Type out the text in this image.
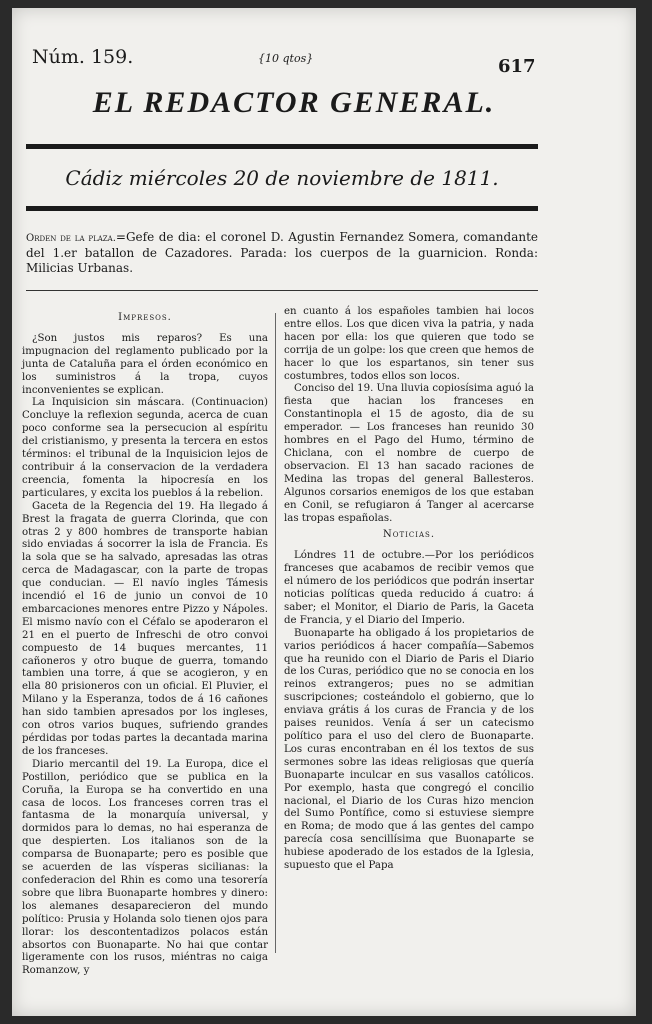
Núm. 159.	{10 qtos}	617
EL REDACTOR GENERAL.
Cádiz miércoles 20 de noviembre de 1811.
Orden de la plaza.=Gefe de dia: el coronel D. Agustin Fernandez Somera, comandante del 1.er batallon de Cazadores. Parada: los cuerpos de la guarnicion. Ronda: Milicias Urbanas.
Impresos.

¿Son justos mis reparos? Es una impugnacion del reglamento publicado por la junta de Cataluña para el órden económico en los suministros á la tropa, cuyos inconvenientes se explican.

La Inquisicion sin máscara. (Continuacion) Concluye la reflexion segunda, acerca de cuan poco conforme sea la persecucion al espíritu del cristianismo, y presenta la tercera en estos términos: el tribunal de la Inquisicion lejos de contribuir á la conservacion de la verdadera creencia, fomenta la hipocresía en los particulares, y excita los pueblos á la rebelion.

Gaceta de la Regencia del 19. Ha llegado á Brest la fragata de guerra Clorinda, que con otras 2 y 800 hombres de transporte habian sido enviadas á socorrer la isla de Francia. Es la sola que se ha salvado, apresadas las otras cerca de Madagascar, con la parte de tropas que conducian. — El navío ingles Támesis incendió el 16 de junio un convoi de 10 embarcaciones menores entre Pizzo y Nápoles. El mismo navío con el Céfalo se apoderaron el 21 en el puerto de Infreschi de otro convoi compuesto de 14 buques mercantes, 11 cañoneros y otro buque de guerra, tomando tambien una torre, á que se acogieron, y en ella 80 prisioneros con un oficial. El Pluvier, el Milano y la Esperanza, todos de á 16 cañones han sido tambien apresados por los ingleses, con otros varios buques, sufriendo grandes pérdidas por todas partes la decantada marina de los franceses.

Diario mercantil del 19. La Europa, dice el Postillon, periódico que se publica en la Coruña, la Europa se ha convertido en una casa de locos. Los franceses corren tras el fantasma de la monarquía universal, y dormidos para lo demas, no hai esperanza de que despierten. Los italianos son de la comparsa de Buonaparte; pero es posible que se acuerden de las vísperas sicilianas: la confederacion del Rhin es como una tesorería sobre que libra Buonaparte hombres y dinero: los alemanes desaparecieron del mundo político: Prusia y Holanda solo tienen ojos para llorar: los descontentadizos polacos están absortos con Buonaparte. No hai que contar ligeramente con los rusos, miéntras no caiga Romanzow, y

en cuanto á los españoles tambien hai locos entre ellos. Los que dicen viva la patria, y nada hacen por ella: los que quieren que todo se corrija de un golpe: los que creen que hemos de hacer lo que los espartanos, sin tener sus costumbres, todos ellos son locos.

Conciso del 19. Una lluvia copiosísima aguó la fiesta que hacian los franceses en Constantinopla el 15 de agosto, dia de su emperador. — Los franceses han reunido 30 hombres en el Pago del Humo, término de Chiclana, con el nombre de cuerpo de observacion. El 13 han sacado raciones de Medina las tropas del general Ballesteros. Algunos corsarios enemigos de los que estaban en Conil, se refugiaron á Tanger al acercarse las tropas españolas.

Noticias.

Lóndres 11 de octubre.—Por los periódicos franceses que acabamos de recibir vemos que el número de los periódicos que podrán insertar noticias políticas queda reducido á cuatro: á saber; el Monitor, el Diario de Paris, la Gaceta de Francia, y el Diario del Imperio.

Buonaparte ha obligado á los propietarios de varios periódicos á hacer compañía—Sabemos que ha reunido con el Diario de Paris el Diario de los Curas, periódico que no se conocia en los reinos extrangeros; pues no se admitian suscripciones; costeándolo el gobierno, que lo enviava grátis á los curas de Francia y de los paises reunidos. Venía á ser un catecismo político para el uso del clero de Buonaparte. Los curas encontraban en él los textos de sus sermones sobre las ideas religiosas que quería Buonaparte inculcar en sus vasallos católicos. Por exemplo, hasta que congregó el concilio nacional, el Diario de los Curas hizo mencion del Sumo Pontífice, como si estuviese siempre en Roma; de modo que á las gentes del campo parecía cosa sencillísima que Buonaparte se hubiese apoderado de los estados de la Iglesia, supuesto que el Papa
